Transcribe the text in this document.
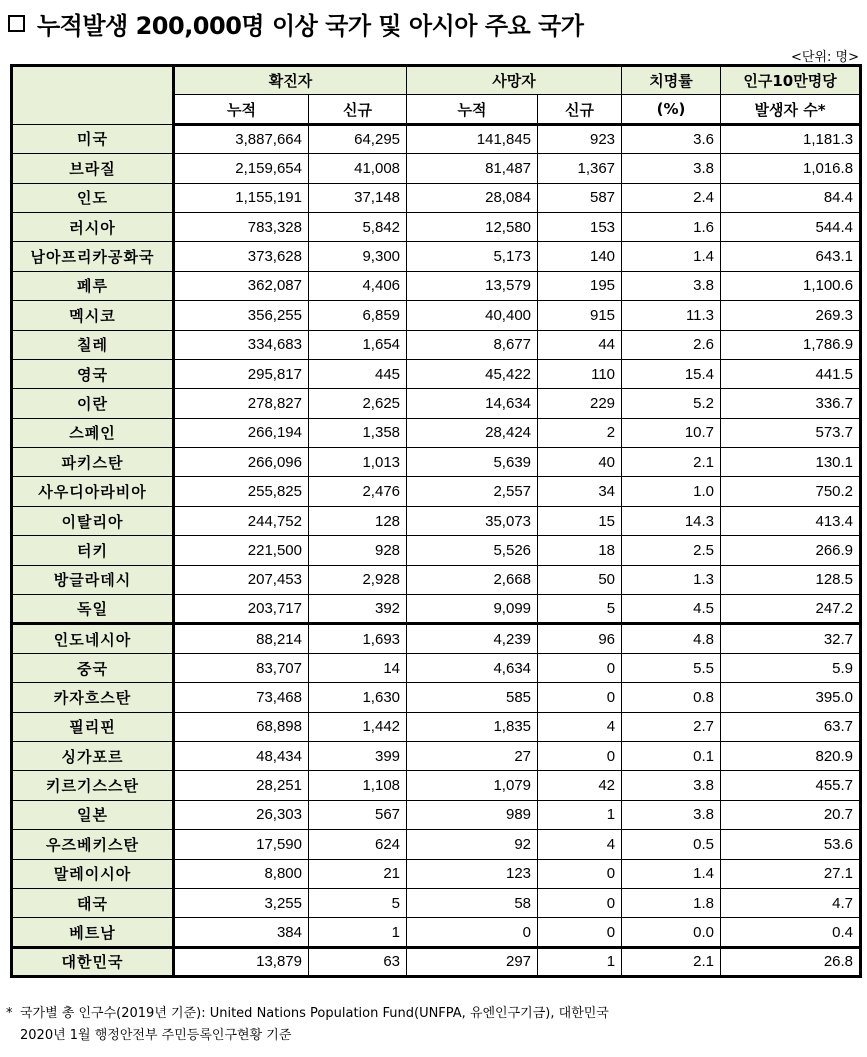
누적발생 200,000명 이상 국가 및 아시아 주요 국가
<단위: 명>
	확진자		사망자		치명률	인구10만명당
	누적	신규	누적	신규	(%)	발생자 수*
미국	3,887,664	64,295	141,845	923	3.6	1,181.3
브라질	2,159,654	41,008	81,487	1,367	3.8	1,016.8
인도	1,155,191	37,148	28,084	587	2.4	84.4
러시아	783,328	5,842	12,580	153	1.6	544.4
남아프리카공화국	373,628	9,300	5,173	140	1.4	643.1
페루	362,087	4,406	13,579	195	3.8	1,100.6
멕시코	356,255	6,859	40,400	915	11.3	269.3
칠레	334,683	1,654	8,677	44	2.6	1,786.9
영국	295,817	445	45,422	110	15.4	441.5
이란	278,827	2,625	14,634	229	5.2	336.7
스페인	266,194	1,358	28,424	2	10.7	573.7
파키스탄	266,096	1,013	5,639	40	2.1	130.1
사우디아라비아	255,825	2,476	2,557	34	1.0	750.2
이탈리아	244,752	128	35,073	15	14.3	413.4
터키	221,500	928	5,526	18	2.5	266.9
방글라데시	207,453	2,928	2,668	50	1.3	128.5
독일	203,717	392	9,099	5	4.5	247.2
인도네시아	88,214	1,693	4,239	96	4.8	32.7
중국	83,707	14	4,634	0	5.5	5.9
카자흐스탄	73,468	1,630	585	0	0.8	395.0
필리핀	68,898	1,442	1,835	4	2.7	63.7
싱가포르	48,434	399	27	0	0.1	820.9
키르기스스탄	28,251	1,108	1,079	42	3.8	455.7
일본	26,303	567	989	1	3.8	20.7
우즈베키스탄	17,590	624	92	4	0.5	53.6
말레이시아	8,800	21	123	0	1.4	27.1
태국	3,255	5	58	0	1.8	4.7
베트남	384	1	0	0	0.0	0.4
대한민국	13,879	63	297	1	2.1	26.8
* 국가별 총 인구수(2019년 기준): United Nations Population Fund(UNFPA, 유엔인구기금), 대한민국
2020년 1월 행정안전부 주민등록인구현황 기준
